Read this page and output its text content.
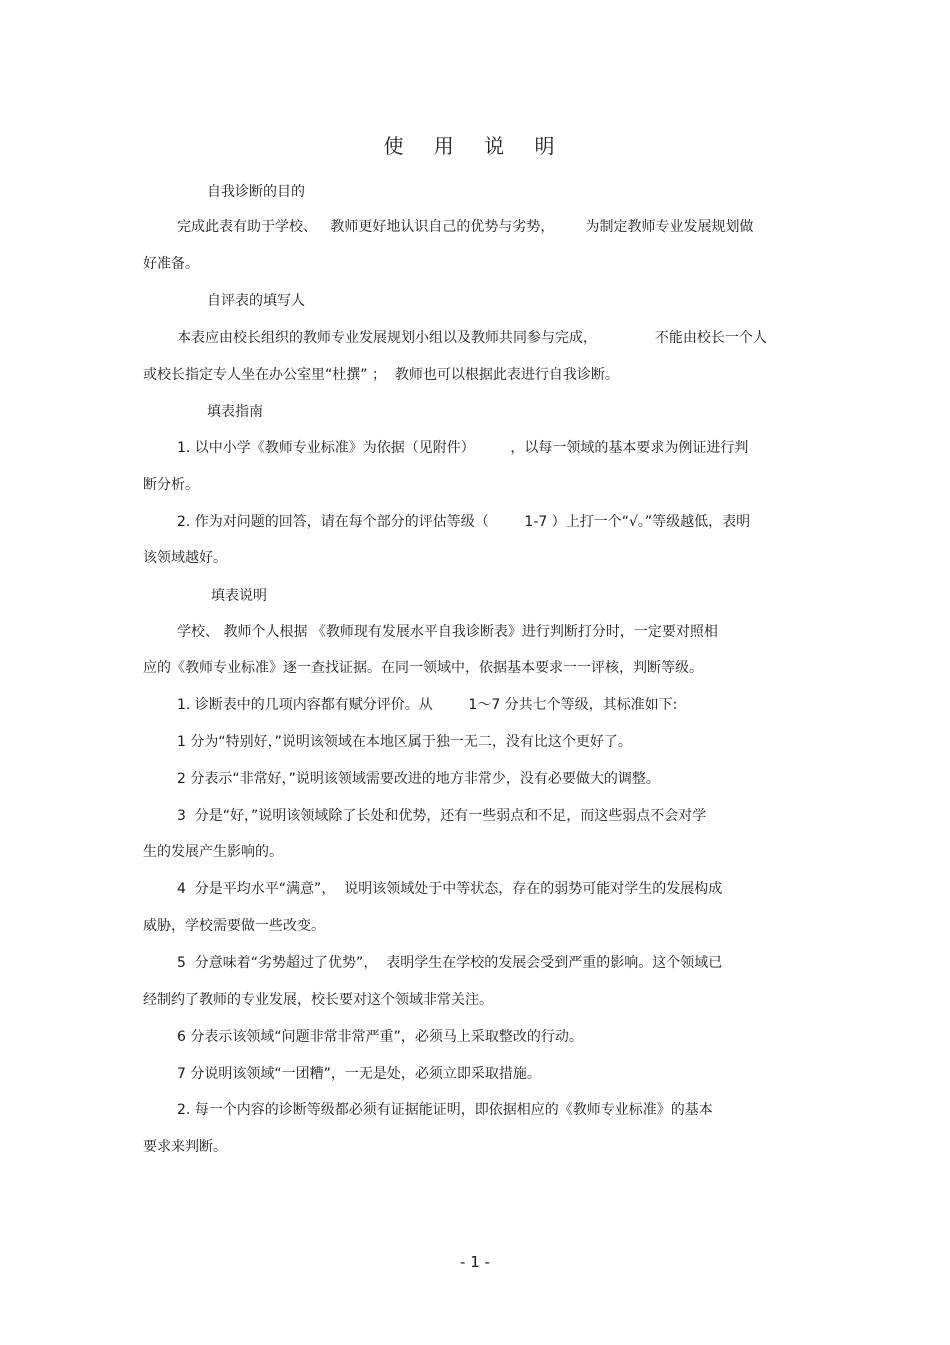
使 用 说 明
自我诊断的目的
完成此表有助于学校、   教师更好地认识自己的优势与劣势，       为制定教师专业发展规划做
好准备。
自评表的填写人
本表应由校长组织的教师专业发展规划小组以及教师共同参与完成，             不能由校长一个人
或校长指定专人坐在办公室里“杜撰” ；  教师也可以根据此表进行自我诊断。
填表指南
1. 以中小学《教师专业标准》为依据（见附件）        ，以每一领域的基本要求为例证进行判
断分析。
2. 作为对问题的回答，请在每个部分的评估等级（        1-7 ）上打一个“√。”等级越低，表明
该领域越好。
填表说明
学校、 教师个人根据 《教师现有发展水平自我诊断表》进行判断打分时，一定要对照相
应的《教师专业标准》逐一查找证据。在同一领域中，依据基本要求一一评核，判断等级。
1. 诊断表中的几项内容都有赋分评价。从        1～7 分共七个等级，其标准如下:
1 分为“特别好，”说明该领域在本地区属于独一无二，没有比这个更好了。
2 分表示“非常好，”说明该领域需要改进的地方非常少，没有必要做大的调整。
3  分是“好，”说明该领域除了长处和优势，还有一些弱点和不足，而这些弱点不会对学
生的发展产生影响的。
4  分是平均水平“满意”，  说明该领域处于中等状态，存在的弱势可能对学生的发展构成
威胁，学校需要做一些改变。
5  分意味着“劣势超过了优势”，  表明学生在学校的发展会受到严重的影响。这个领域已
经制约了教师的专业发展，校长要对这个领域非常关注。
6 分表示该领域“问题非常非常严重”，必须马上采取整改的行动。
7 分说明该领域“一团糟”，一无是处，必须立即采取措施。
2. 每一个内容的诊断等级都必须有证据能证明，即依据相应的《教师专业标准》的基本
要求来判断。
- 1 -
